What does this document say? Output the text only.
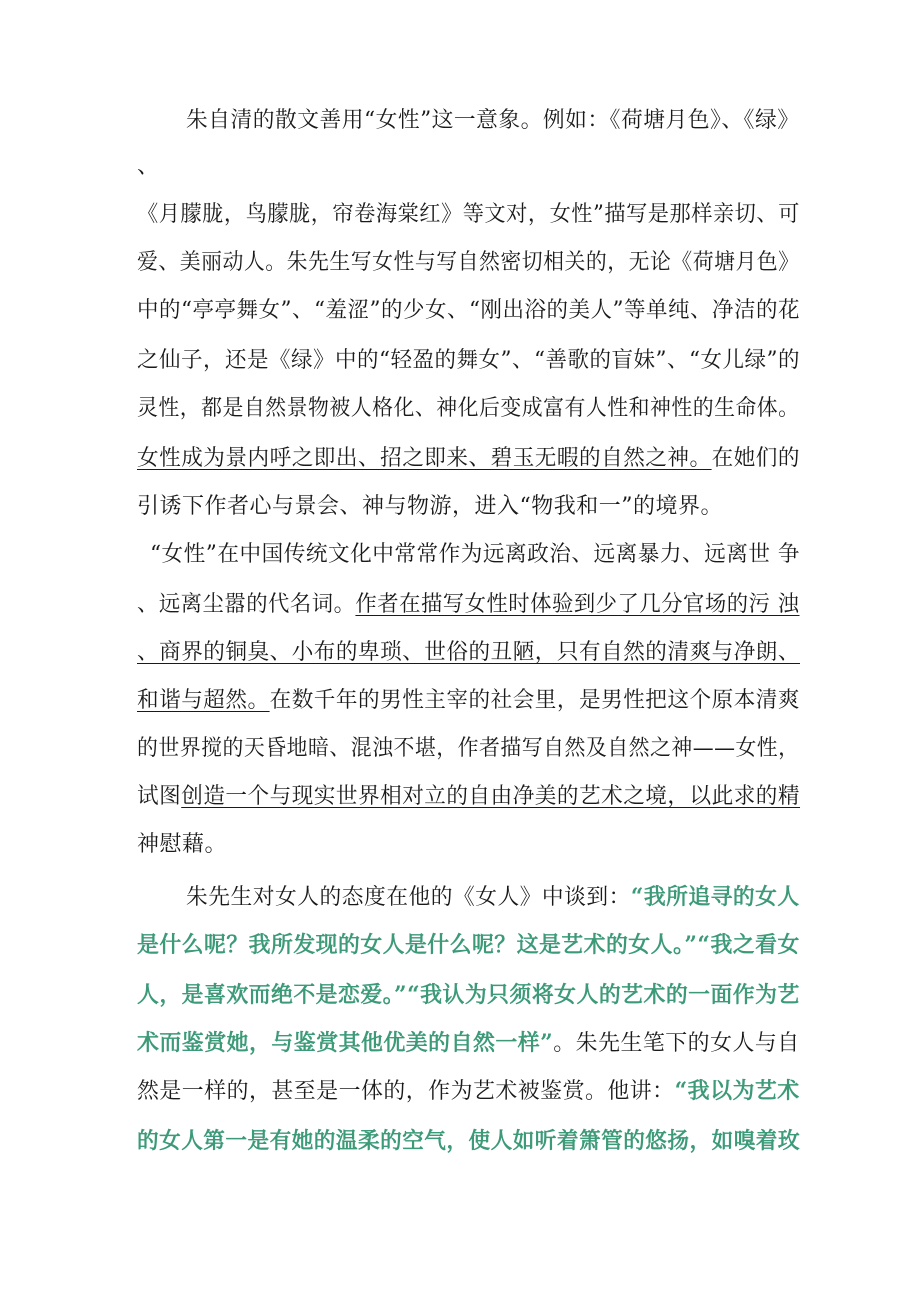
朱自清的散文善用“女性”这一意象。例如：《荷塘月色》、《绿》
、
《月朦胧，鸟朦胧，帘卷海棠红》等文对，女性”描写是那样亲切、可
爱、美丽动人。朱先生写女性与写自然密切相关的，无论《荷塘月色》
中的“亭亭舞女”、“羞涩”的少女、“刚出浴的美人”等单纯、净洁的花
之仙子，还是《绿》中的“轻盈的舞女”、“善歌的盲妹”、“女儿绿”的
灵性，都是自然景物被人格化、神化后变成富有人性和神性的生命体。
女性成为景内呼之即出、招之即来、碧玉无暇的自然之神。在她们的
引诱下作者心与景会、神与物游，进入“物我和一”的境界。
“女性”在中国传统文化中常常作为远离政治、远离暴力、远离世 争
、远离尘嚣的代名词。作者在描写女性时体验到少了几分官场的污 浊
、商界的铜臭、小布的卑琐、世俗的丑陋，只有自然的清爽与净朗、
和谐与超然。在数千年的男性主宰的社会里，是男性把这个原本清爽
的世界搅的天昏地暗、混浊不堪，作者描写自然及自然之神——女性，
试图创造一个与现实世界相对立的自由净美的艺术之境，以此求的精
神慰藉。
朱先生对女人的态度在他的《女人》中谈到：“我所追寻的女人
是什么呢？我所发现的女人是什么呢？这是艺术的女人。”“我之看女
人，是喜欢而绝不是恋爱。”“我认为只须将女人的艺术的一面作为艺
术而鉴赏她，与鉴赏其他优美的自然一样”。朱先生笔下的女人与自
然是一样的，甚至是一体的，作为艺术被鉴赏。他讲：“我以为艺术
的女人第一是有她的温柔的空气，使人如听着箫管的悠扬，如嗅着玫
